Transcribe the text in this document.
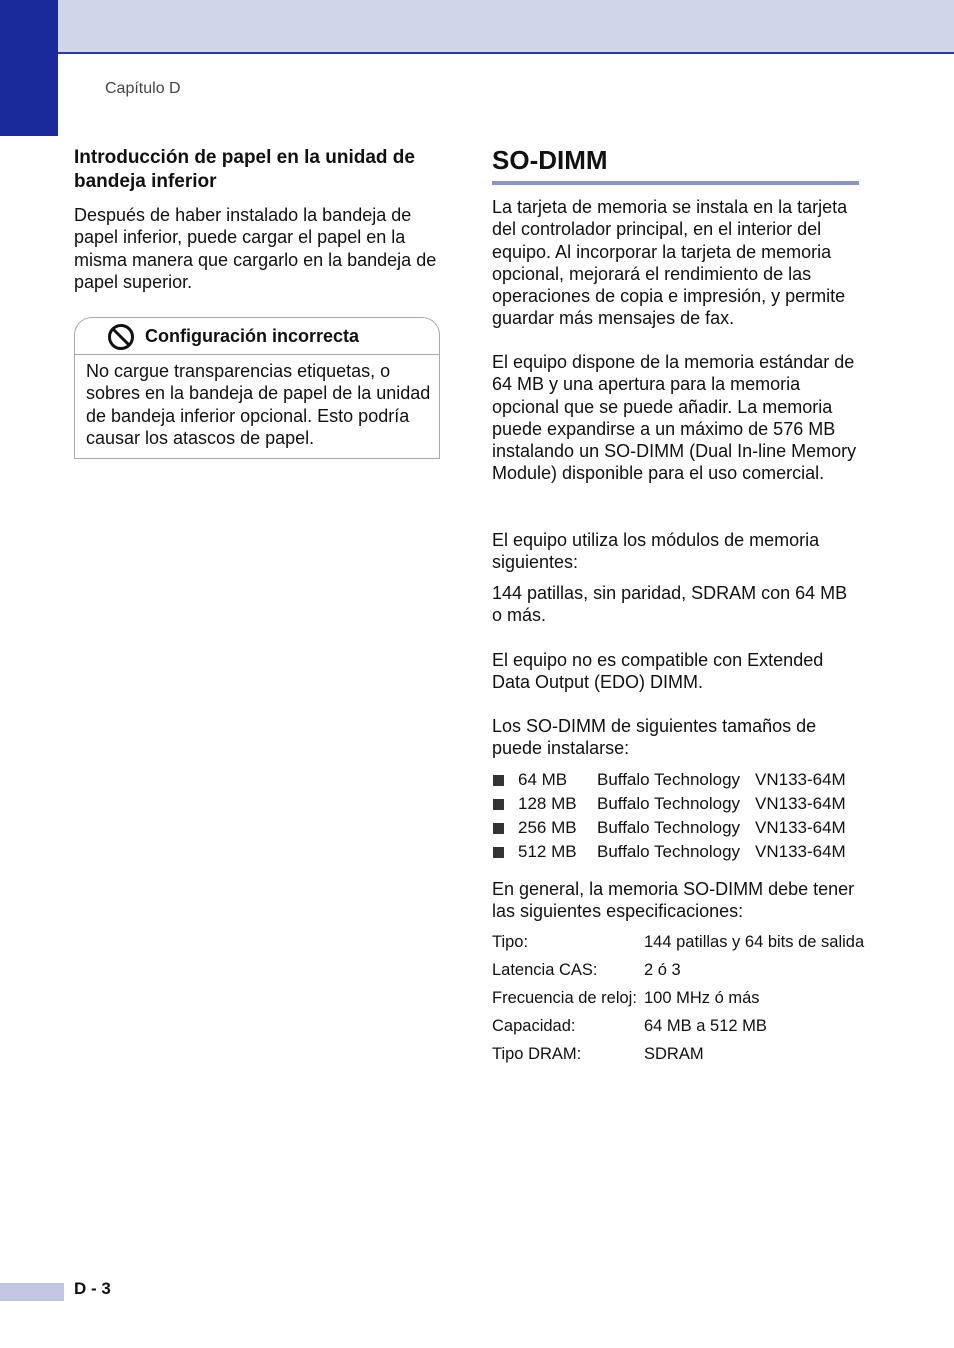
Capítulo D
Introducción de papel en la unidad de bandeja inferior

Después de haber instalado la bandeja de papel inferior, puede cargar el papel en la misma manera que cargarlo en la bandeja de papel superior.

Configuración incorrecta
No cargue transparencias etiquetas, o sobres en la bandeja de papel de la unidad de bandeja inferior opcional. Esto podría causar los atascos de papel.
SO-DIMM

La tarjeta de memoria se instala en la tarjeta del controlador principal, en el interior del equipo. Al incorporar la tarjeta de memoria opcional, mejorará el rendimiento de las operaciones de copia e impresión, y permite guardar más mensajes de fax.

El equipo dispone de la memoria estándar de 64 MB y una apertura para la memoria opcional que se puede añadir. La memoria puede expandirse a un máximo de 576 MB instalando un SO-DIMM (Dual In-line Memory Module) disponible para el uso comercial.

El equipo utiliza los módulos de memoria siguientes:

144 patillas, sin paridad, SDRAM con 64 MB o más.

El equipo no es compatible con Extended Data Output (EDO) DIMM.

Los SO-DIMM de siguientes tamaños de puede instalarse:

64 MB Buffalo Technology VN133-64M
128 MB Buffalo Technology VN133-64M
256 MB Buffalo Technology VN133-64M
512 MB Buffalo Technology VN133-64M

En general, la memoria SO-DIMM debe tener las siguientes especificaciones:

Tipo:	144 patillas y 64 bits de salida
Latencia CAS:	2 ó 3
Frecuencia de reloj: 100 MHz ó más
Capacidad:	64 MB a 512 MB
Tipo DRAM:	SDRAM
D - 3
